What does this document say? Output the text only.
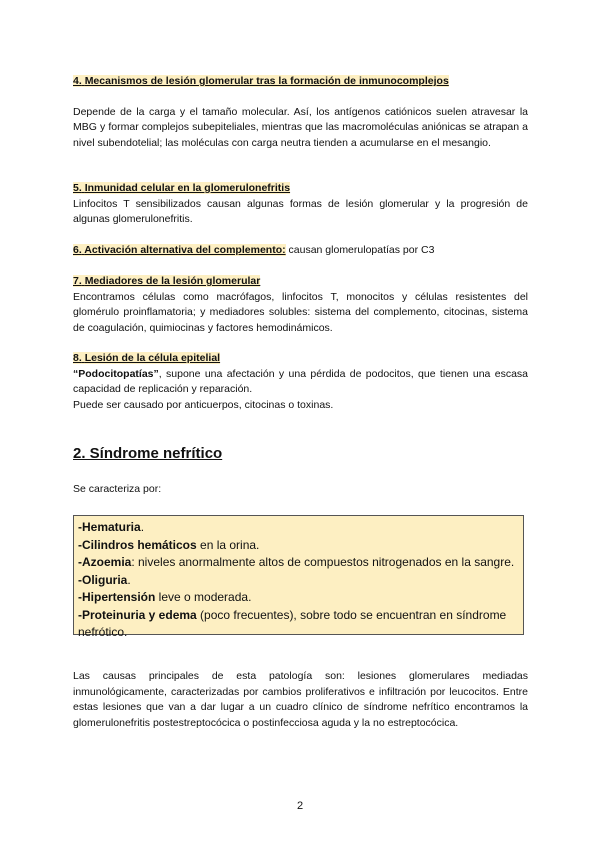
4. Mecanismos de lesión glomerular tras la formación de inmunocomplejos

Depende de la carga y el tamaño molecular. Así, los antígenos catiónicos suelen atravesar la MBG y formar complejos subepiteliales, mientras que las macromoléculas aniónicas se atrapan a nivel subendotelial; las moléculas con carga neutra tienden a acumularse en el mesangio.

5. Inmunidad celular en la glomerulonefritis

Linfocitos T sensibilizados causan algunas formas de lesión glomerular y la progresión de algunas glomerulonefritis.

6. Activación alternativa del complemento: causan glomerulopatías por C3

7. Mediadores de la lesión glomerular

Encontramos células como macrófagos, linfocitos T, monocitos y células resistentes del glomérulo proinflamatoria; y mediadores solubles: sistema del complemento, citocinas, sistema de coagulación, quimiocinas y factores hemodinámicos.

8. Lesión de la célula epitelial

“Podocitopatías”, supone una afectación y una pérdida de podocitos, que tienen una escasa capacidad de replicación y reparación.

Puede ser causado por anticuerpos, citocinas o toxinas.

2. Síndrome nefrítico

Se caracteriza por:

-Hematuria.
-Cilindros hemáticos en la orina.
-Azoemia: niveles anormalmente altos de compuestos nitrogenados en la sangre.
-Oliguria.
-Hipertensión leve o moderada.
-Proteinuria y edema (poco frecuentes), sobre todo se encuentran en síndrome nefrótico.

Las causas principales de esta patología son: lesiones glomerulares mediadas inmunológicamente, caracterizadas por cambios proliferativos e infiltración por leucocitos. Entre estas lesiones que van a dar lugar a un cuadro clínico de síndrome nefrítico encontramos la glomerulonefritis postestreptocócica o postinfecciosa aguda y la no estreptocócica.

2
